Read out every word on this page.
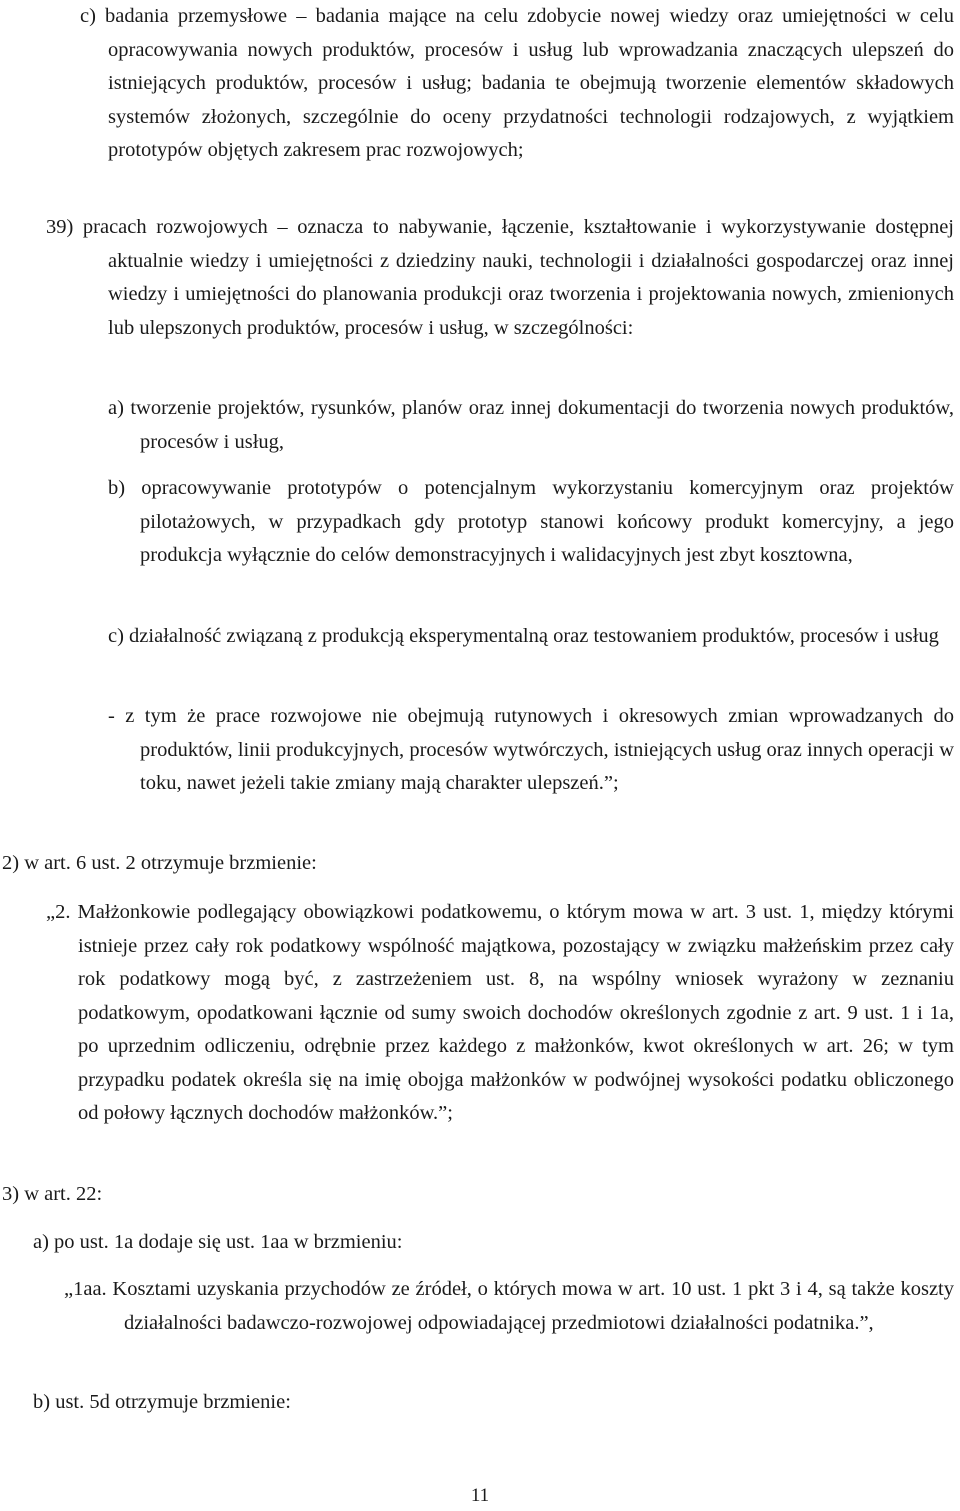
c) badania przemysłowe – badania mające na celu zdobycie nowej wiedzy oraz umiejętności w celu opracowywania nowych produktów, procesów i usług lub wprowadzania znaczących ulepszeń do istniejących produktów, procesów i usług; badania te obejmują tworzenie elementów składowych systemów złożonych, szczególnie do oceny przydatności technologii rodzajowych, z wyjątkiem prototypów objętych zakresem prac rozwojowych;
39) pracach rozwojowych – oznacza to nabywanie, łączenie, kształtowanie i wykorzystywanie dostępnej aktualnie wiedzy i umiejętności z dziedziny nauki, technologii i działalności gospodarczej oraz innej wiedzy i umiejętności do planowania produkcji oraz tworzenia i projektowania nowych, zmienionych lub ulepszonych produktów, procesów i usług, w szczególności:
a) tworzenie projektów, rysunków, planów oraz innej dokumentacji do tworzenia nowych produktów, procesów i usług,
b) opracowywanie prototypów o potencjalnym wykorzystaniu komercyjnym oraz projektów pilotażowych, w przypadkach gdy prototyp stanowi końcowy produkt komercyjny, a jego produkcja wyłącznie do celów demonstracyjnych i walidacyjnych jest zbyt kosztowna,
c) działalność związaną z produkcją eksperymentalną oraz testowaniem produktów, procesów i usług
- z tym że prace rozwojowe nie obejmują rutynowych i okresowych zmian wprowadzanych do produktów, linii produkcyjnych, procesów wytwórczych, istniejących usług oraz innych operacji w toku, nawet jeżeli takie zmiany mają charakter ulepszeń.”;
2) w art. 6 ust. 2 otrzymuje brzmienie:
„2. Małżonkowie podlegający obowiązkowi podatkowemu, o którym mowa w art. 3 ust. 1, między którymi istnieje przez cały rok podatkowy wspólność majątkowa, pozostający w związku małżeńskim przez cały rok podatkowy mogą być, z zastrzeżeniem ust. 8, na wspólny wniosek wyrażony w zeznaniu podatkowym, opodatkowani łącznie od sumy swoich dochodów określonych zgodnie z art. 9 ust. 1 i 1a, po uprzednim odliczeniu, odrębnie przez każdego z małżonków, kwot określonych w art. 26; w tym przypadku podatek określa się na imię obojga małżonków w podwójnej wysokości podatku obliczonego od połowy łącznych dochodów małżonków.”;
3) w art. 22:
a) po ust. 1a dodaje się ust. 1aa w brzmieniu:
„1aa. Kosztami uzyskania przychodów ze źródeł, o których mowa w art. 10 ust. 1 pkt 3 i 4, są także koszty działalności badawczo-rozwojowej odpowiadającej przedmiotowi działalności podatnika.”,
b) ust. 5d otrzymuje brzmienie:
11
